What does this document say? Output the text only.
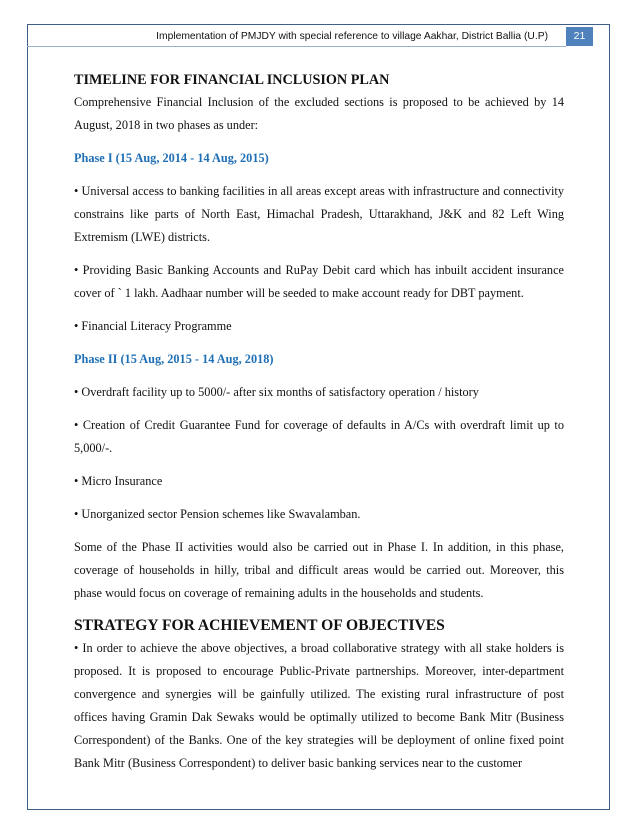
Implementation of PMJDY with special reference to village Aakhar, District Ballia (U.P)	21

TIMELINE FOR FINANCIAL INCLUSION PLAN

Comprehensive Financial Inclusion of the excluded sections is proposed to be achieved by 14 August, 2018 in two phases as under:

Phase I (15 Aug, 2014 - 14 Aug, 2015)

• Universal access to banking facilities in all areas except areas with infrastructure and connectivity constrains like parts of North East, Himachal Pradesh, Uttarakhand, J&K and 82 Left Wing Extremism (LWE) districts.

• Providing Basic Banking Accounts and RuPay Debit card which has inbuilt accident insurance cover of ` 1 lakh. Aadhaar number will be seeded to make account ready for DBT payment.

• Financial Literacy Programme

Phase II (15 Aug, 2015 - 14 Aug, 2018)

• Overdraft facility up to 5000/- after six months of satisfactory operation / history

• Creation of Credit Guarantee Fund for coverage of defaults in A/Cs with overdraft limit up to 5,000/-.

• Micro Insurance

• Unorganized sector Pension schemes like Swavalamban.

Some of the Phase II activities would also be carried out in Phase I. In addition, in this phase, coverage of households in hilly, tribal and difficult areas would be carried out. Moreover, this phase would focus on coverage of remaining adults in the households and students.

STRATEGY FOR ACHIEVEMENT OF OBJECTIVES

• In order to achieve the above objectives, a broad collaborative strategy with all stake holders is proposed. It is proposed to encourage Public-Private partnerships. Moreover, inter-department convergence and synergies will be gainfully utilized. The existing rural infrastructure of post offices having Gramin Dak Sewaks would be optimally utilized to become Bank Mitr (Business Correspondent) of the Banks. One of the key strategies will be deployment of online fixed point Bank Mitr (Business Correspondent) to deliver basic banking services near to the customer
